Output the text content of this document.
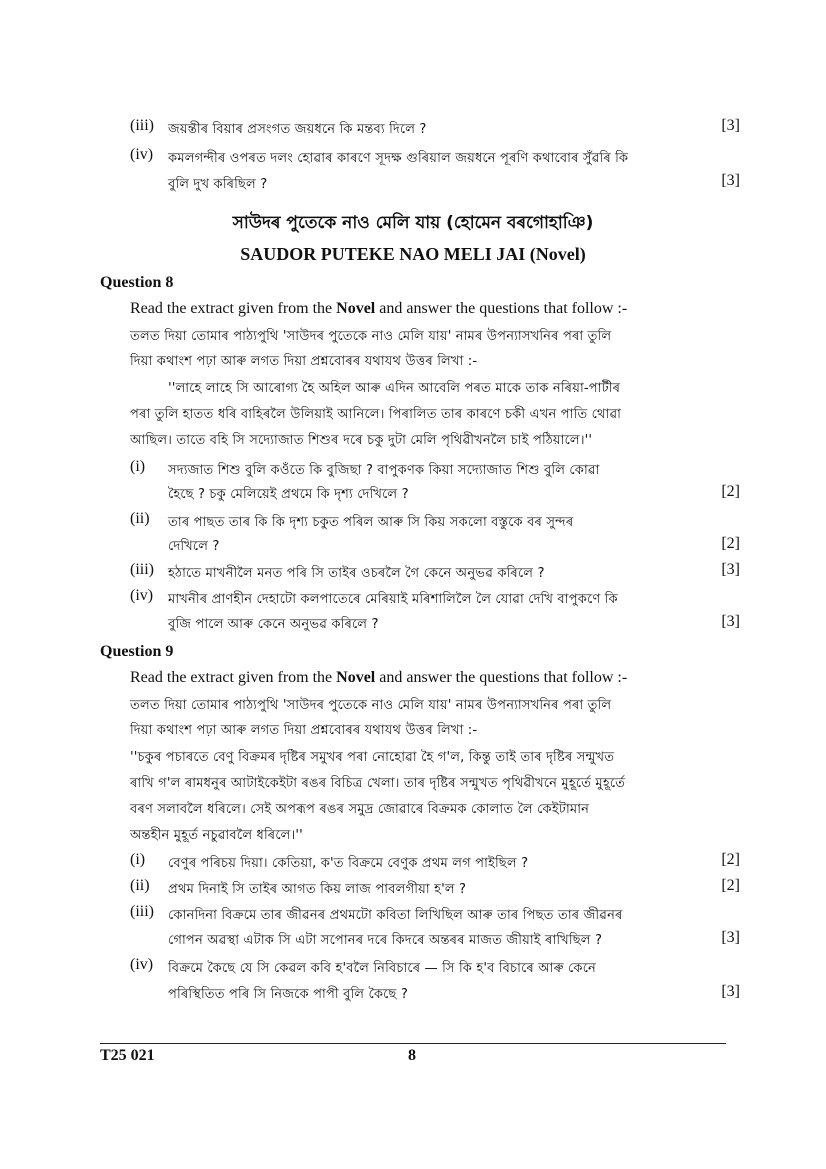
(iii) জয়ন্তীৰ বিয়াৰ প্ৰসংগত জয়ধনে কি মন্তব্য দিলে ?	[3]
(iv) কমলগন্দীৰ ওপৰত দলং হোৱাৰ কাৰণে সূদক্ষ গুৰিয়াল জয়ধনে পূৰণি কথাবোৰ সুঁৱৰি কি
বুলি দুখ কৰিছিল ?	[3]
সাউদৰ পুতেকে নাও মেলি যায় (হোমেন বৰগোহাঞি)
SAUDOR PUTEKE NAO MELI JAI (Novel)
Question 8
Read the extract given from the Novel and answer the questions that follow :-
তলত দিয়া তোমাৰ পাঠ্যপুথি 'সাউদৰ পুতেকে নাও মেলি যায়' নামৰ উপন্যাসখনিৰ পৰা তুলি
দিয়া কথাংশ পঢ়া আৰু লগত দিয়া প্ৰশ্নবোৰৰ যথাযথ উত্তৰ লিখা :-
''লাহে লাহে সি আৰোগ্য হৈ অহিল আৰু এদিন আবেলি পৰত মাকে তাক নৰিয়া-পাটীৰ
পৰা তুলি হাতত ধৰি বাহিৰলৈ উলিয়াই আনিলে। পিৰালিত তাৰ কাৰণে চকী এখন পাতি থোৱা
আছিল। তাতে বহি সি সদ্যোজাত শিশুৰ দৰে চকু দুটা মেলি পৃথিৱীখনলৈ চাই পঠিয়ালে।''
(i) সদ্যজাত শিশু বুলি কওঁতে কি বুজিছা ? বাপুকণক কিয়া সদ্যোজাত শিশু বুলি কোৱা
হৈছে ? চকু মেলিয়েই প্ৰথমে কি দৃশ্য দেখিলে ?	[2]
(ii) তাৰ পাছত তাৰ কি কি দৃশ্য চকুত পৰিল আৰু সি কিয় সকলো বস্তুকে বৰ সুন্দৰ
দেখিলে ?	[2]
(iii) হঠাতে মাখনীলৈ মনত পৰি সি তাইৰ ওচৰলৈ গৈ কেনে অনুভৱ কৰিলে ?	[3]
(iv) মাখনীৰ প্ৰাণহীন দেহাটো কলপাতেৰে মেৰিয়াই মৰিশালিলৈ লৈ যোৱা দেখি বাপুকণে কি
বুজি পালে আৰু কেনে অনুভৱ কৰিলে ?	[3]
Question 9
Read the extract given from the Novel and answer the questions that follow :-
তলত দিয়া তোমাৰ পাঠ্যপুথি 'সাউদৰ পুতেকে নাও মেলি যায়' নামৰ উপন্যাসখনিৰ পৰা তুলি
দিয়া কথাংশ পঢ়া আৰু লগত দিয়া প্ৰশ্নবোৰৰ যথাযথ উত্তৰ লিখা :-
''চকুৰ পচাৰতে বেণু বিক্ৰমৰ দৃষ্টিৰ সমুখৰ পৰা নোহোৱা হৈ গ'ল, কিন্তু তাই তাৰ দৃষ্টিৰ সন্মুখত
ৰাখি গ'ল ৰামধনুৰ আটাইকেইটা ৰঙৰ বিচিত্ৰ খেলা। তাৰ দৃষ্টিৰ সন্মুখত পৃথিৱীখনে মুহূৰ্তে মুহূৰ্তে
বৰণ সলাবলৈ ধৰিলে। সেই অপৰূপ ৰঙৰ সমুদ্ৰ জোৱাৰে বিক্ৰমক কোলাত লৈ কেইটামান
অন্তহীন মুহূৰ্ত নচুৱাবলৈ ধৰিলে।''
(i) বেণুৰ পৰিচয় দিয়া। কেতিয়া, ক'ত বিক্ৰমে বেণুক প্ৰথম লগ পাইছিল ?	[2]
(ii) প্ৰথম দিনাই সি তাইৰ আগত কিয় লাজ পাবলগীয়া হ'ল ?	[2]
(iii) কোনদিনা বিক্ৰমে তাৰ জীৱনৰ প্ৰথমটো কবিতা লিখিছিল আৰু তাৰ পিছত তাৰ জীৱনৰ
গোপন অৱস্থা এটাক সি এটা সপোনৰ দৰে কিদৰে অন্তৰৰ মাজত জীয়াই ৰাখিছিল ?	[3]
(iv) বিক্ৰমে কৈছে যে সি কেৱল কবি হ'বলৈ নিবিচাৰে — সি কি হ'ব বিচাৰে আৰু কেনে
পৰিস্থিতিত পৰি সি নিজকে পাপী বুলি কৈছে ?	[3]
T25 021	8
